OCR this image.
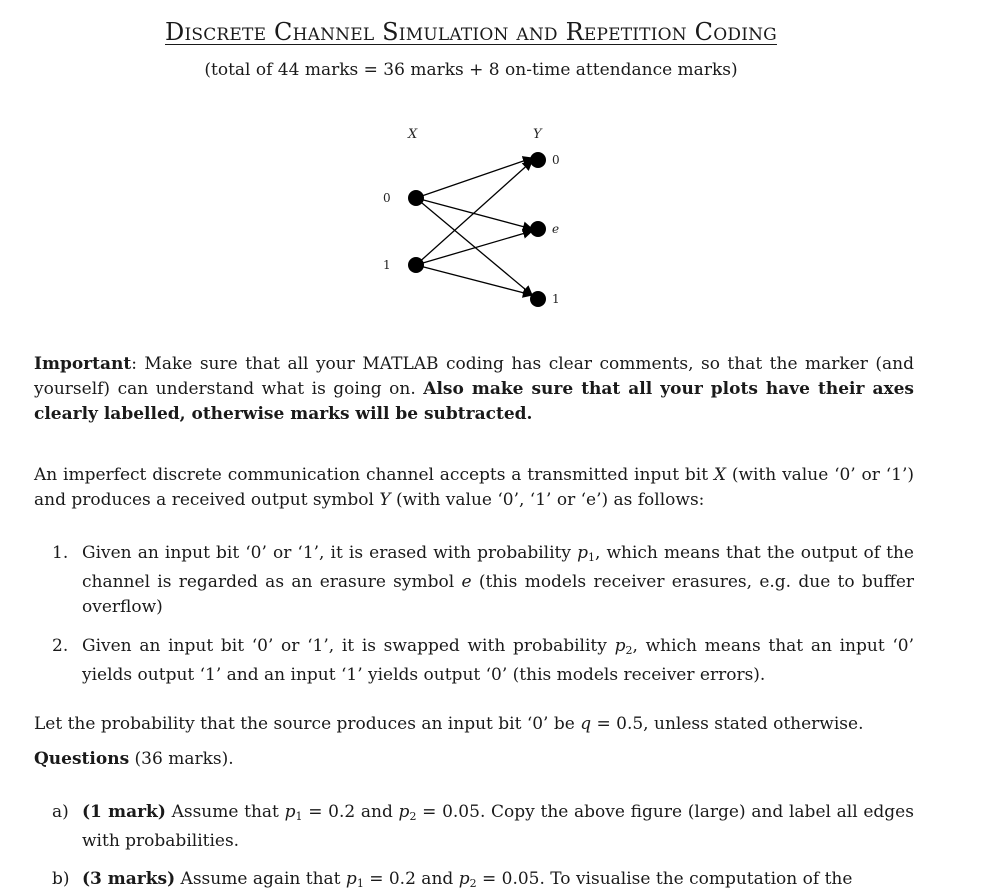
Discrete Channel Simulation and Repetition Coding
(total of 44 marks = 36 marks + 8 on-time attendance marks)
X	Y
0
1
0
e
1
Important: Make sure that all your MATLAB coding has clear comments, so that the marker (and yourself) can understand what is going on. Also make sure that all your plots have their axes clearly labelled, otherwise marks will be subtracted.
An imperfect discrete communication channel accepts a transmitted input bit X (with value ‘0’ or ‘1’) and produces a received output symbol Y (with value ‘0’, ‘1’ or ‘e’) as follows:
1. Given an input bit ‘0’ or ‘1’, it is erased with probability $p_1$, which means that the output of the channel is regarded as an erasure symbol e (this models receiver erasures, e.g. due to buffer overflow)
2. Given an input bit ‘0’ or ‘1’, it is swapped with probability $p_2$, which means that an input ‘0’ yields output ‘1’ and an input ‘1’ yields output ‘0’ (this models receiver errors).
Let the probability that the source produces an input bit ‘0’ be q = 0.5, unless stated otherwise.
Questions (36 marks).
a) (1 mark) Assume that $p_1 = 0.2$ and $p_2 = 0.05$. Copy the above figure (large) and label all edges with probabilities.
b) (3 marks) Assume again that $p_1 = 0.2$ and $p_2 = 0.05$. To visualise the computation of the
